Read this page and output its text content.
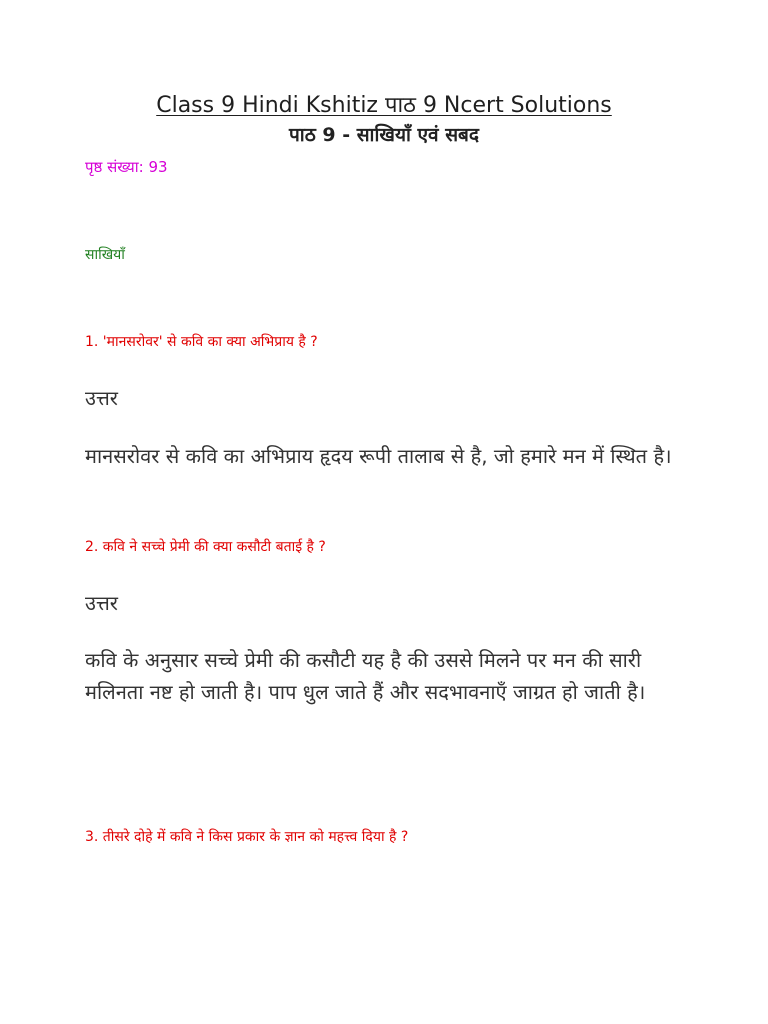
Class 9 Hindi Kshitiz पाठ 9 Ncert Solutions
पाठ 9 - साखियाँ एवं सबद
पृष्ठ संख्या: 93
साखियाँ
1. 'मानसरोवर' से कवि का क्या अभिप्राय है ?
उत्तर
मानसरोवर से कवि का अभिप्राय हृदय रूपी तालाब से है, जो हमारे मन में स्थित है।
2. कवि ने सच्चे प्रेमी की क्या कसौटी बताई है ?
उत्तर
कवि के अनुसार सच्चे प्रेमी की कसौटी यह है की उससे मिलने पर मन की सारी मलिनता नष्ट हो जाती है। पाप धुल जाते हैं और सदभावनाएँ जाग्रत हो जाती है।
3. तीसरे दोहे में कवि ने किस प्रकार के ज्ञान को महत्त्व दिया है ?
